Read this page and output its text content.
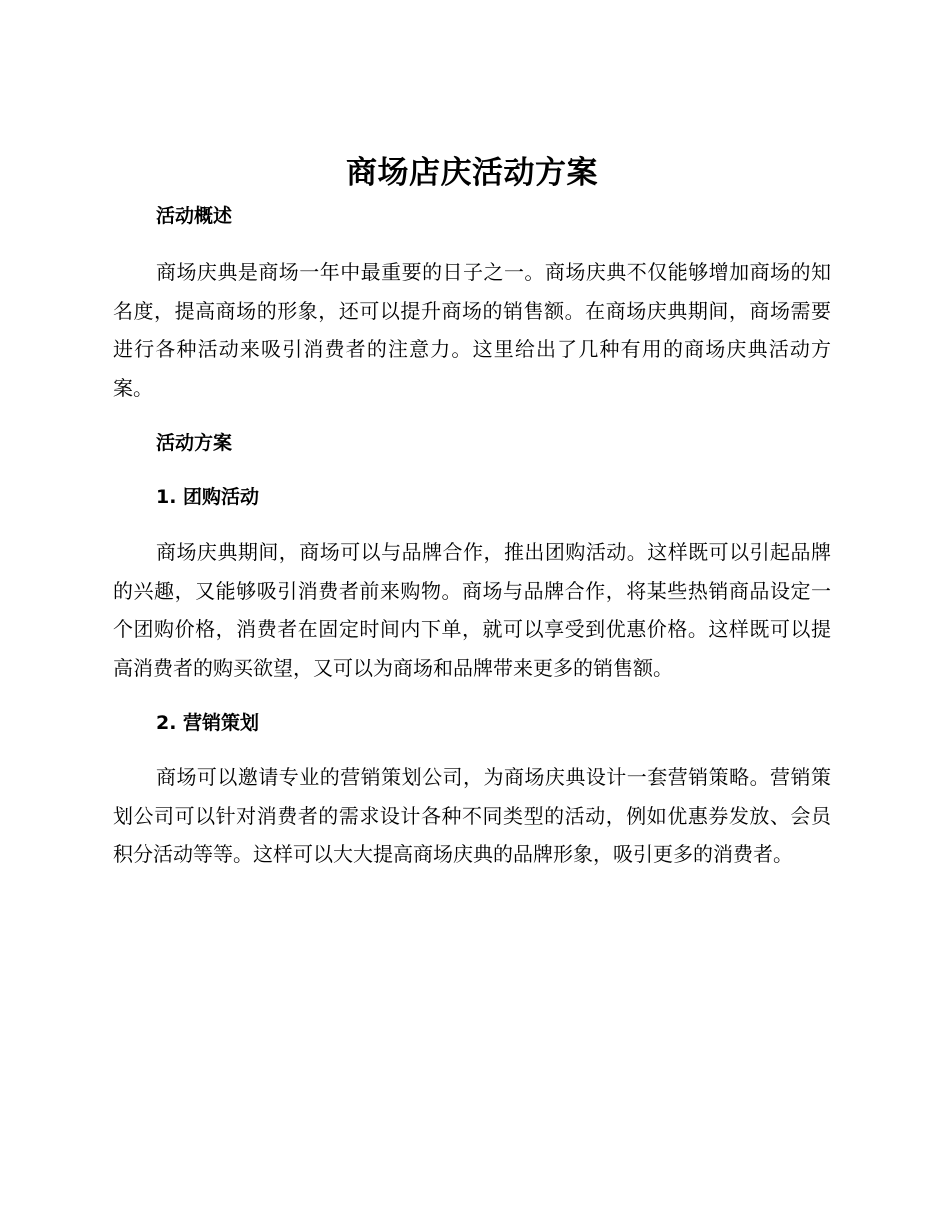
商场店庆活动方案
活动概述

商场庆典是商场一年中最重要的日子之一。商场庆典不仅能够增加商场的知名度，提高商场的形象，还可以提升商场的销售额。在商场庆典期间，商场需要进行各种活动来吸引消费者的注意力。这里给出了几种有用的商场庆典活动方案。

活动方案
1. 团购活动

商场庆典期间，商场可以与品牌合作，推出团购活动。这样既可以引起品牌的兴趣，又能够吸引消费者前来购物。商场与品牌合作，将某些热销商品设定一个团购价格，消费者在固定时间内下单，就可以享受到优惠价格。这样既可以提高消费者的购买欲望，又可以为商场和品牌带来更多的销售额。

2. 营销策划

商场可以邀请专业的营销策划公司，为商场庆典设计一套营销策略。营销策划公司可以针对消费者的需求设计各种不同类型的活动，例如优惠券发放、会员积分活动等等。这样可以大大提高商场庆典的品牌形象，吸引更多的消费者。
